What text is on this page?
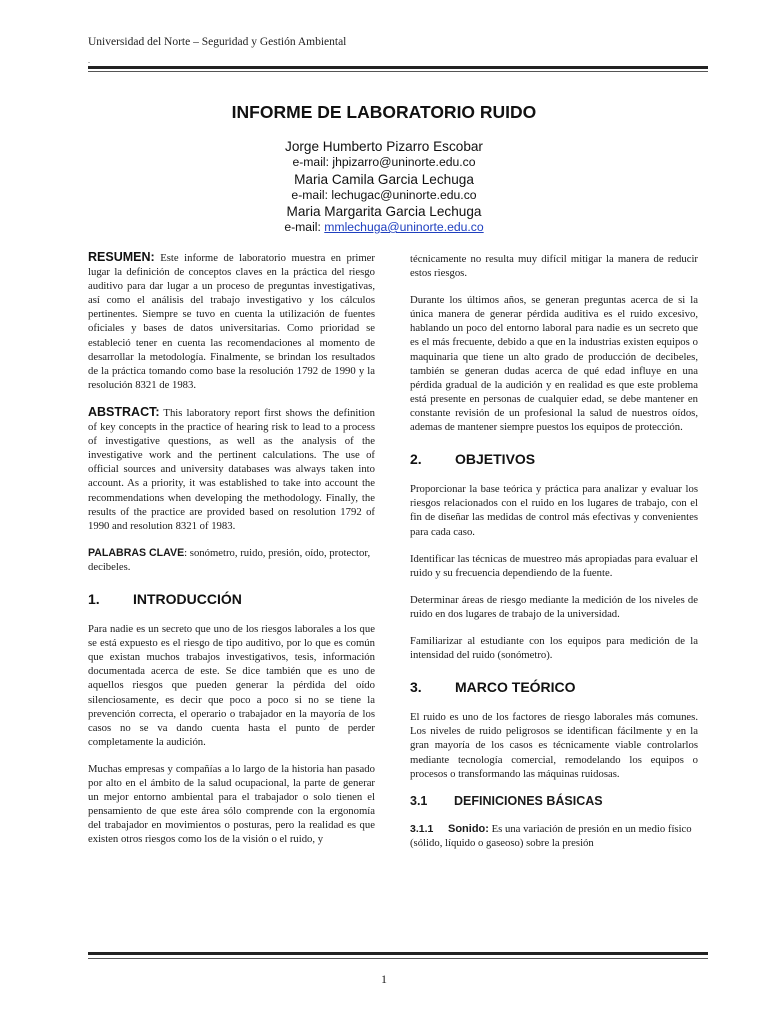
Universidad del Norte – Seguridad y Gestión Ambiental
.
INFORME DE LABORATORIO RUIDO
Jorge Humberto Pizarro Escobar
e-mail: jhpizarro@uninorte.edu.co
Maria Camila Garcia Lechuga
e-mail: lechugac@uninorte.edu.co
Maria Margarita Garcia Lechuga
e-mail: mmlechuga@uninorte.edu.co

RESUMEN: Este informe de laboratorio muestra en primer lugar la definición de conceptos claves en la práctica del riesgo auditivo para dar lugar a un proceso de preguntas investigativas, así como el análisis del trabajo investigativo y los cálculos pertinentes. Siempre se tuvo en cuenta la utilización de fuentes oficiales y bases de datos universitarias. Como prioridad se estableció tener en cuenta las recomendaciones al momento de desarrollar la metodología. Finalmente, se brindan los resultados de la práctica tomando como base la resolución 1792 de 1990 y la resolución 8321 de 1983.

ABSTRACT: This laboratory report first shows the definition of key concepts in the practice of hearing risk to lead to a process of investigative questions, as well as the analysis of the investigative work and the pertinent calculations. The use of official sources and university databases was always taken into account. As a priority, it was established to take into account the recommendations when developing the methodology. Finally, the results of the practice are provided based on resolution 1792 of 1990 and resolution 8321 of 1983.

PALABRAS CLAVE: sonómetro, ruido, presión, oído, protector, decibeles.

1.	INTRODUCCIÓN

Para nadie es un secreto que uno de los riesgos laborales a los que se está expuesto es el riesgo de tipo auditivo, por lo que es común que existan muchos trabajos investigativos, tesis, información documentada acerca de este. Se dice también que es uno de aquellos riesgos que pueden generar la pérdida del oído silenciosamente, es decir que poco a poco si no se tiene la prevención correcta, el operario o trabajador en la mayoría de los casos no se va dando cuenta hasta el punto de perder completamente la audición.

Muchas empresas y compañías a lo largo de la historia han pasado por alto en el ámbito de la salud ocupacional, la parte de generar un mejor entorno ambiental para el trabajador o solo tienen el pensamiento de que este área sólo comprende con la ergonomía del trabajador en movimientos o posturas, pero la realidad es que existen otros riesgos como los de la visión o el ruido, y

técnicamente no resulta muy difícil mitigar la manera de reducir estos riesgos.

Durante los últimos años, se generan preguntas acerca de si la única manera de generar pérdida auditiva es el ruido excesivo, hablando un poco del entorno laboral para nadie es un secreto que es el más frecuente, debido a que en la industrias existen equipos o maquinaria que tiene un alto grado de producción de decibeles, también se generan dudas acerca de qué edad influye en una pérdida gradual de la audición y en realidad es que este problema está presente en personas de cualquier edad, se debe mantener en constante revisión de un profesional la salud de nuestros oídos, ademas de mantener siempre puestos los equipos de protección.

2.	OBJETIVOS

Proporcionar la base teórica y práctica para analizar y evaluar los riesgos relacionados con el ruido en los lugares de trabajo, con el fin de diseñar las medidas de control más efectivas y convenientes para cada caso.

Identificar las técnicas de muestreo más apropiadas para evaluar el ruido y su frecuencia dependiendo de la fuente.

Determinar áreas de riesgo mediante la medición de los niveles de ruido en dos lugares de trabajo de la universidad.

Familiarizar al estudiante con los equipos para medición de la intensidad del ruido (sonómetro).

3.	MARCO TEÓRICO

El ruido es uno de los factores de riesgo laborales más comunes. Los niveles de ruido peligrosos se identifican fácilmente y en la gran mayoría de los casos es técnicamente viable controlarlos mediante tecnología comercial, remodelando los equipos o procesos o transformando las máquinas ruidosas.

3.1	DEFINICIONES BÁSICAS

3.1.1 Sonido: Es una variación de presión en un medio físico (sólido, líquido o gaseoso) sobre la presión

1
